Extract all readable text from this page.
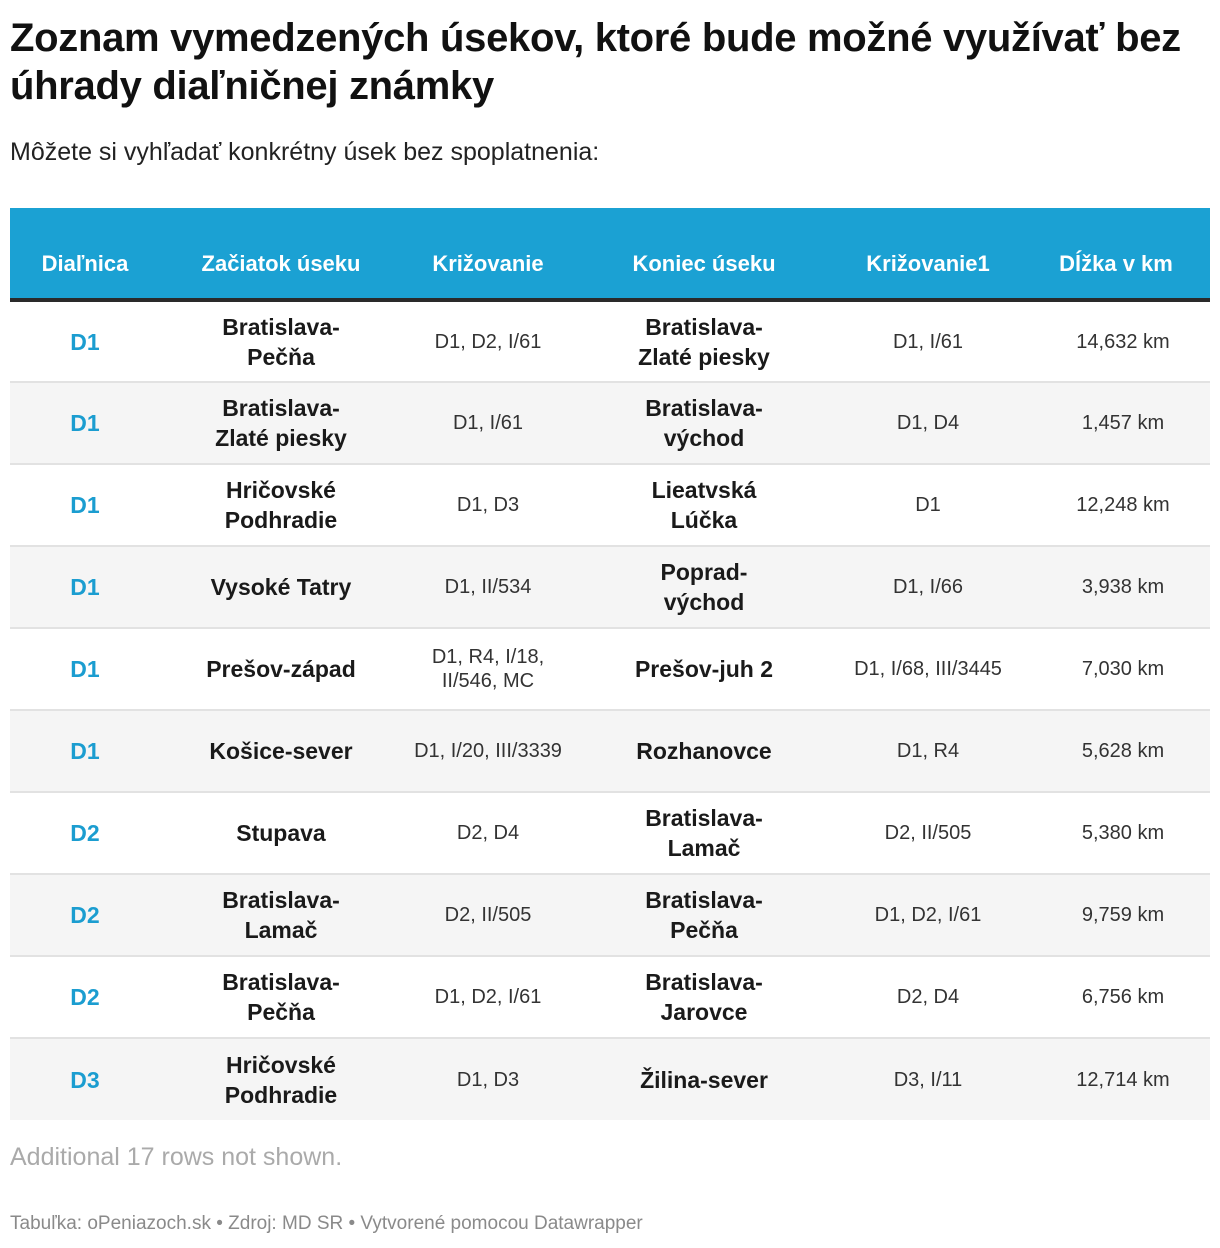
Zoznam vymedzených úsekov, ktoré bude možné využívať bez úhrady diaľničnej známky
Môžete si vyhľadať konkrétny úsek bez spoplatnenia:
Diaľnica	Začiatok úseku	Križovanie	Koniec úseku	Križovanie1	Dĺžka v km
D1	Bratislava-Pečňa	D1, D2, I/61	Bratislava-Zlaté piesky	D1, I/61	14,632 km
D1	Bratislava-Zlaté piesky	D1, I/61	Bratislava-východ	D1, D4	1,457 km
D1	Hričovské Podhradie	D1, D3	Lieatvská Lúčka	D1	12,248 km
D1	Vysoké Tatry	D1, II/534	Poprad-východ	D1, I/66	3,938 km
D1	Prešov-západ	D1, R4, I/18, II/546, MC	Prešov-juh 2	D1, I/68, III/3445	7,030 km
D1	Košice-sever	D1, I/20, III/3339	Rozhanovce	D1, R4	5,628 km
D2	Stupava	D2, D4	Bratislava-Lamač	D2, II/505	5,380 km
D2	Bratislava-Lamač	D2, II/505	Bratislava-Pečňa	D1, D2, I/61	9,759 km
D2	Bratislava-Pečňa	D1, D2, I/61	Bratislava-Jarovce	D2, D4	6,756 km
D3	Hričovské Podhradie	D1, D3	Žilina-sever	D3, I/11	12,714 km
Additional 17 rows not shown.
Tabuľka: oPeniazoch.sk • Zdroj: MD SR • Vytvorené pomocou Datawrapper
